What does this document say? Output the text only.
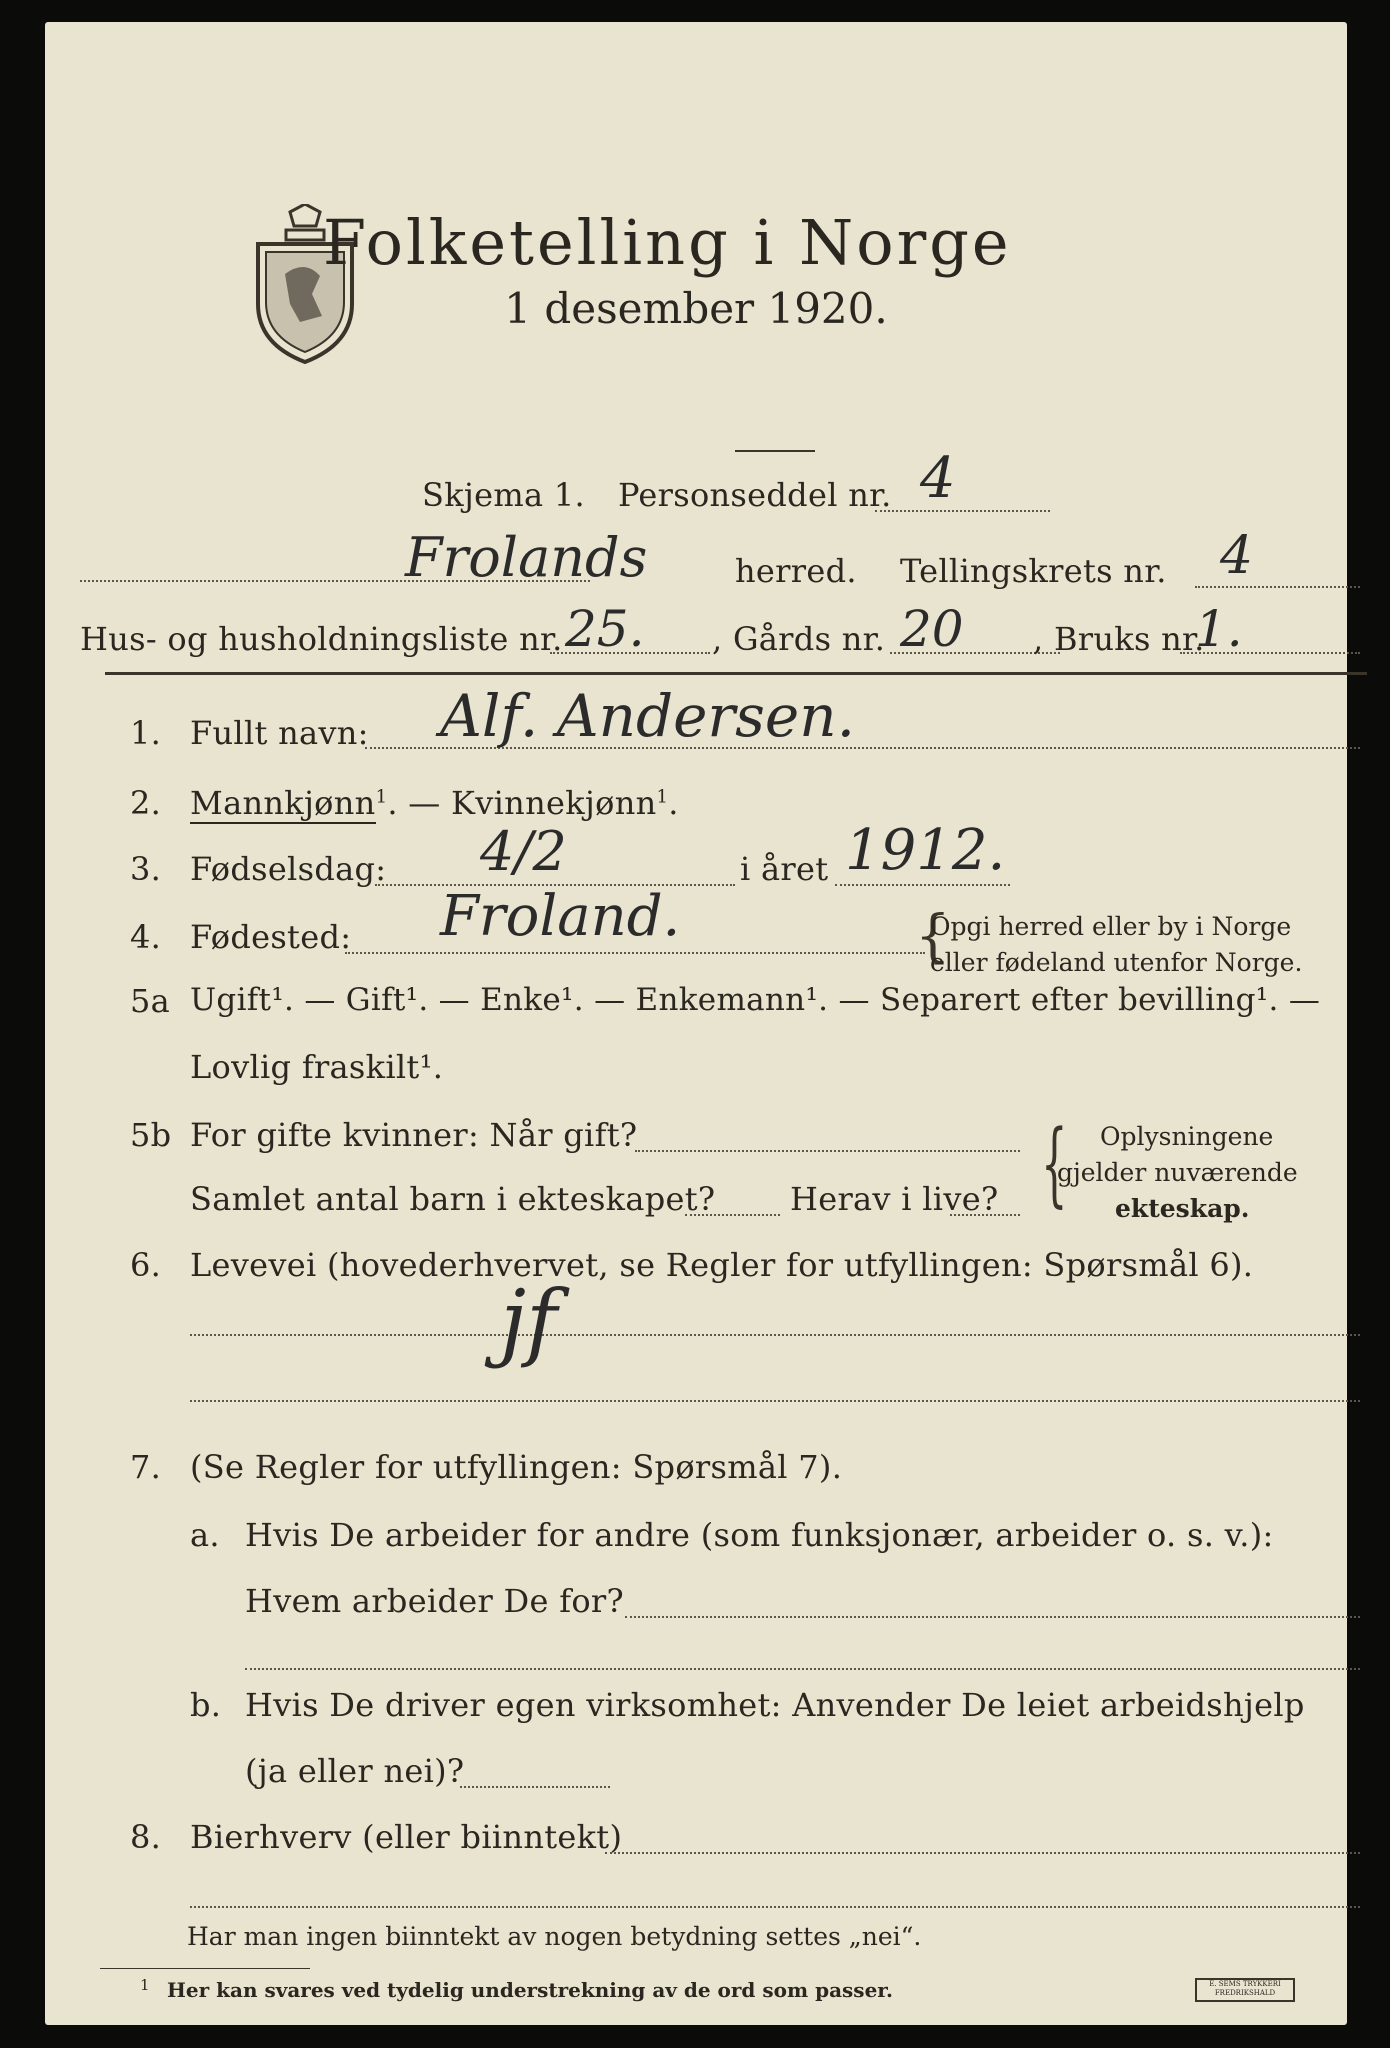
Folketelling i Norge
1 desember 1920.
Skjema 1. Personseddel nr. 4
Frolands	herred. Tellingskrets nr. 4
Hus- og husholdningsliste nr. 25. , Gårds nr. 20 , Bruks nr.
1.
1. Fullt navn: Alf. Andersen.
2. Mannkjønn$^1$. — Kvinnekjønn$^1$.
3. Fødselsdag: 4/2	i året 1912.
4. Fødested: Froland.	{
Opgi herred eller by i Norge
eller fødeland utenfor Norge.
5a Ugift¹. — Gift¹. — Enke¹. — Enkemann¹. — Separert efter bevilling¹. —
Lovlig fraskilt¹.
5b For gifte kvinner: Når gift?
Samlet antal barn i ekteskapet? Herav i live? { Oplysningene
gjelder nuværende
ekteskap.
6. Levevei (hovederhvervet, se Regler for utfyllingen: Spørsmål 6).
jf
7. (Se Regler for utfyllingen: Spørsmål 7).
a. Hvis De arbeider for andre (som funksjonær, arbeider o. s. v.):
Hvem arbeider De for?
b. Hvis De driver egen virksomhet: Anvender De leiet arbeidshjelp
(ja eller nei)?
8. Bierhverv (eller biinntekt)
Har man ingen biinntekt av nogen betydning settes „nei“.
1 Her kan svares ved tydelig understrekning av de ord som passer.	E. SEMS TRYKKERI FREDRIKSHALD
